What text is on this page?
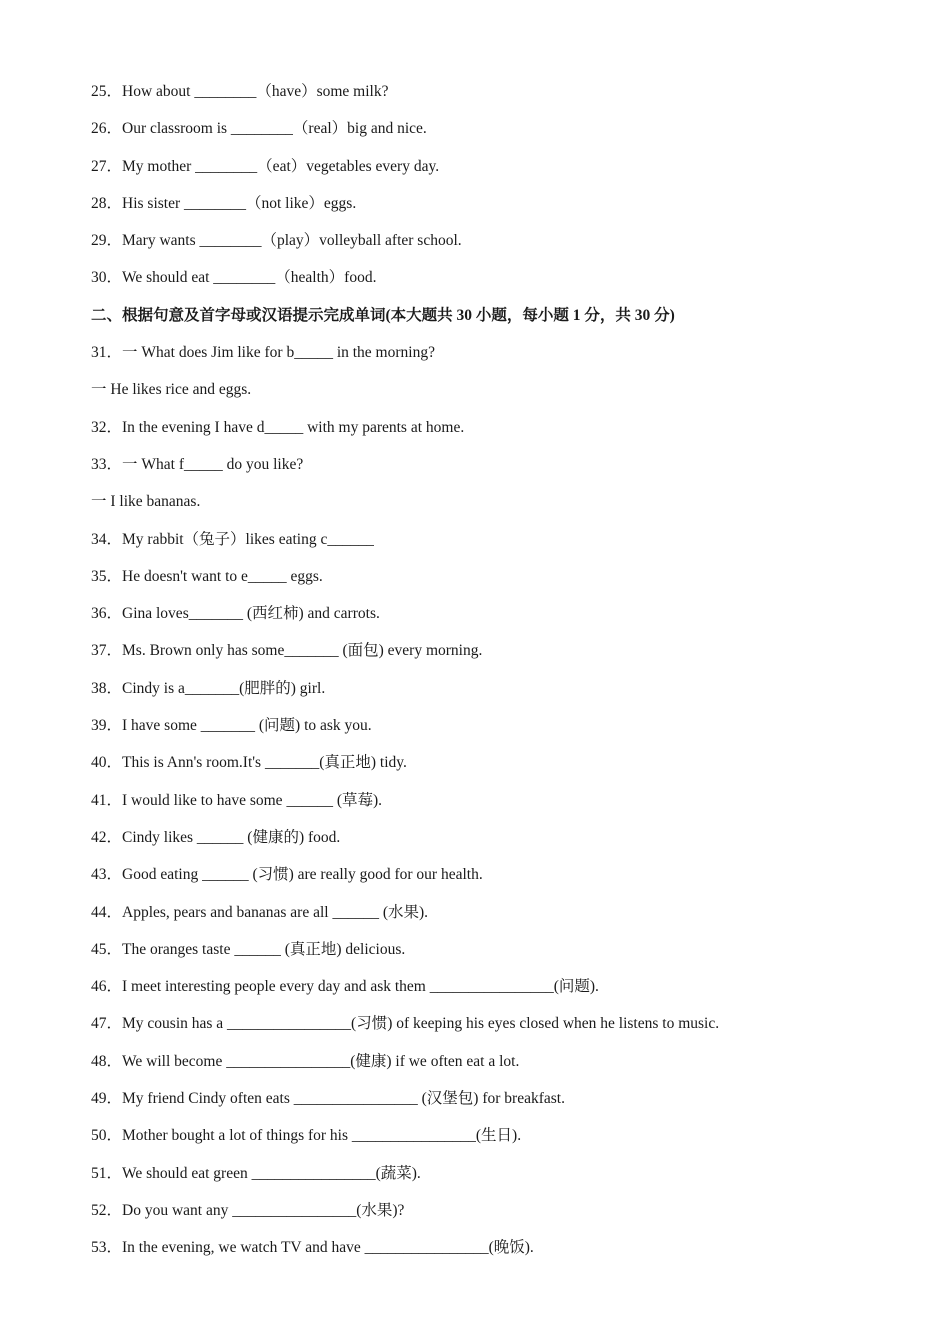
25．How about ________（have）some milk?
26．Our classroom is ________（real）big and nice.
27．My mother ________（eat）vegetables every day.
28．His sister ________（not like）eggs.
29．Mary wants ________（play）volleyball after school.
30．We should eat ________（health）food.
二、根据句意及首字母或汉语提示完成单词(本大题共 30 小题，每小题 1 分，共 30 分)
31．一 What does Jim like for b_____ in the morning?
一 He likes rice and eggs.
32．In the evening I have d_____ with my parents at home.
33．一 What f_____ do you like?
一 I like bananas.
34．My rabbit（兔子）likes eating c______
35．He doesn't want to e_____ eggs.
36．Gina loves_______ (西红柿) and carrots.
37．Ms. Brown only has some_______ (面包) every morning.
38．Cindy is a_______(肥胖的) girl.
39．I have some _______ (问题) to ask you.
40．This is Ann's room.It's _______(真正地) tidy.
41．I would like to have some ______ (草莓).
42．Cindy likes ______ (健康的) food.
43．Good eating ______ (习惯) are really good for our health.
44．Apples, pears and bananas are all ______ (水果).
45．The oranges taste ______ (真正地) delicious.
46．I meet interesting people every day and ask them ________________(问题).
47．My cousin has a ________________(习惯) of keeping his eyes closed when he listens to music.
48．We will become ________________(健康) if we often eat a lot.
49．My friend Cindy often eats ________________ (汉堡包) for breakfast.
50．Mother bought a lot of things for his ________________(生日).
51．We should eat green ________________(蔬菜).
52．Do you want any ________________(水果)?
53．In the evening, we watch TV and have ________________(晚饭).
